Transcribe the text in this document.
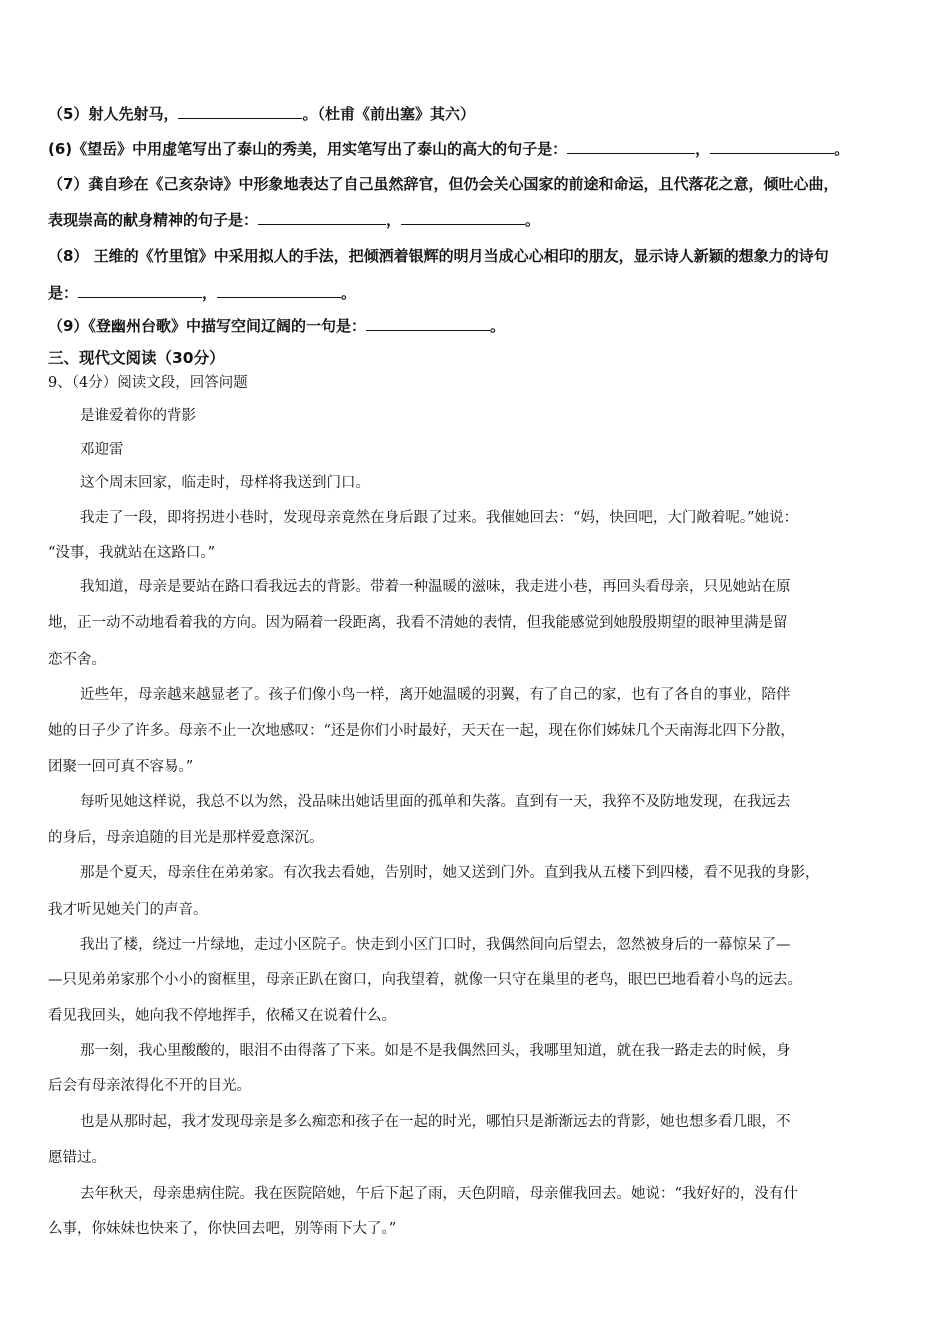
（5）射人先射马，	。（杜甫《前出塞》其六）
(6)《望岳》中用虚笔写出了泰山的秀美，用实笔写出了泰山的高大的句子是：	，	。
（7）龚自珍在《己亥杂诗》中形象地表达了自己虽然辞官，但仍会关心国家的前途和命运，且代落花之意，倾吐心曲，
表现崇高的献身精神的句子是：	，	。
（8） 王维的《竹里馆》中采用拟人的手法，把倾洒着银辉的明月当成心心相印的朋友，显示诗人新颖的想象力的诗句
是：	，	。
（9）《登幽州台歌》中描写空间辽阔的一句是：	。
三、现代文阅读（30分）
9、（4分）阅读文段，回答问题
是谁爱着你的背影
邓迎雷
这个周末回家，临走时，母样将我送到门口。
我走了一段，即将拐进小巷时，发现母亲竟然在身后跟了过来。我催她回去：“妈，快回吧，大门敞着呢。”她说：
“没事，我就站在这路口。”
我知道，母亲是要站在路口看我远去的背影。带着一种温暖的滋味，我走进小巷，再回头看母亲，只见她站在原
地，正一动不动地看着我的方向。因为隔着一段距离，我看不清她的表情，但我能感觉到她殷殷期望的眼神里满是留
恋不舍。
近些年，母亲越来越显老了。孩子们像小鸟一样，离开她温暖的羽翼，有了自己的家，也有了各自的事业，陪伴
她的日子少了许多。母亲不止一次地感叹：“还是你们小时最好，天天在一起，现在你们姊妹几个天南海北四下分散，
团聚一回可真不容易。”
每听见她这样说，我总不以为然，没品味出她话里面的孤单和失落。直到有一天，我猝不及防地发现，在我远去
的身后，母亲追随的目光是那样爱意深沉。
那是个夏天，母亲住在弟弟家。有次我去看她，告别时，她又送到门外。直到我从五楼下到四楼，看不见我的身影，
我才听见她关门的声音。
我出了楼，绕过一片绿地，走过小区院子。快走到小区门口时，我偶然间向后望去，忽然被身后的一幕惊呆了—
—只见弟弟家那个小小的窗框里，母亲正趴在窗口，向我望着，就像一只守在巢里的老鸟，眼巴巴地看着小鸟的远去。
看见我回头，她向我不停地挥手，依稀又在说着什么。
那一刻，我心里酸酸的，眼泪不由得落了下来。如是不是我偶然回头，我哪里知道，就在我一路走去的时候，身
后会有母亲浓得化不开的目光。
也是从那时起，我才发现母亲是多么痴恋和孩子在一起的时光，哪怕只是渐渐远去的背影，她也想多看几眼，不
愿错过。
去年秋天，母亲患病住院。我在医院陪她，午后下起了雨，天色阴暗，母亲催我回去。她说：“我好好的，没有什
么事，你妹妹也快来了，你快回去吧，别等雨下大了。”
